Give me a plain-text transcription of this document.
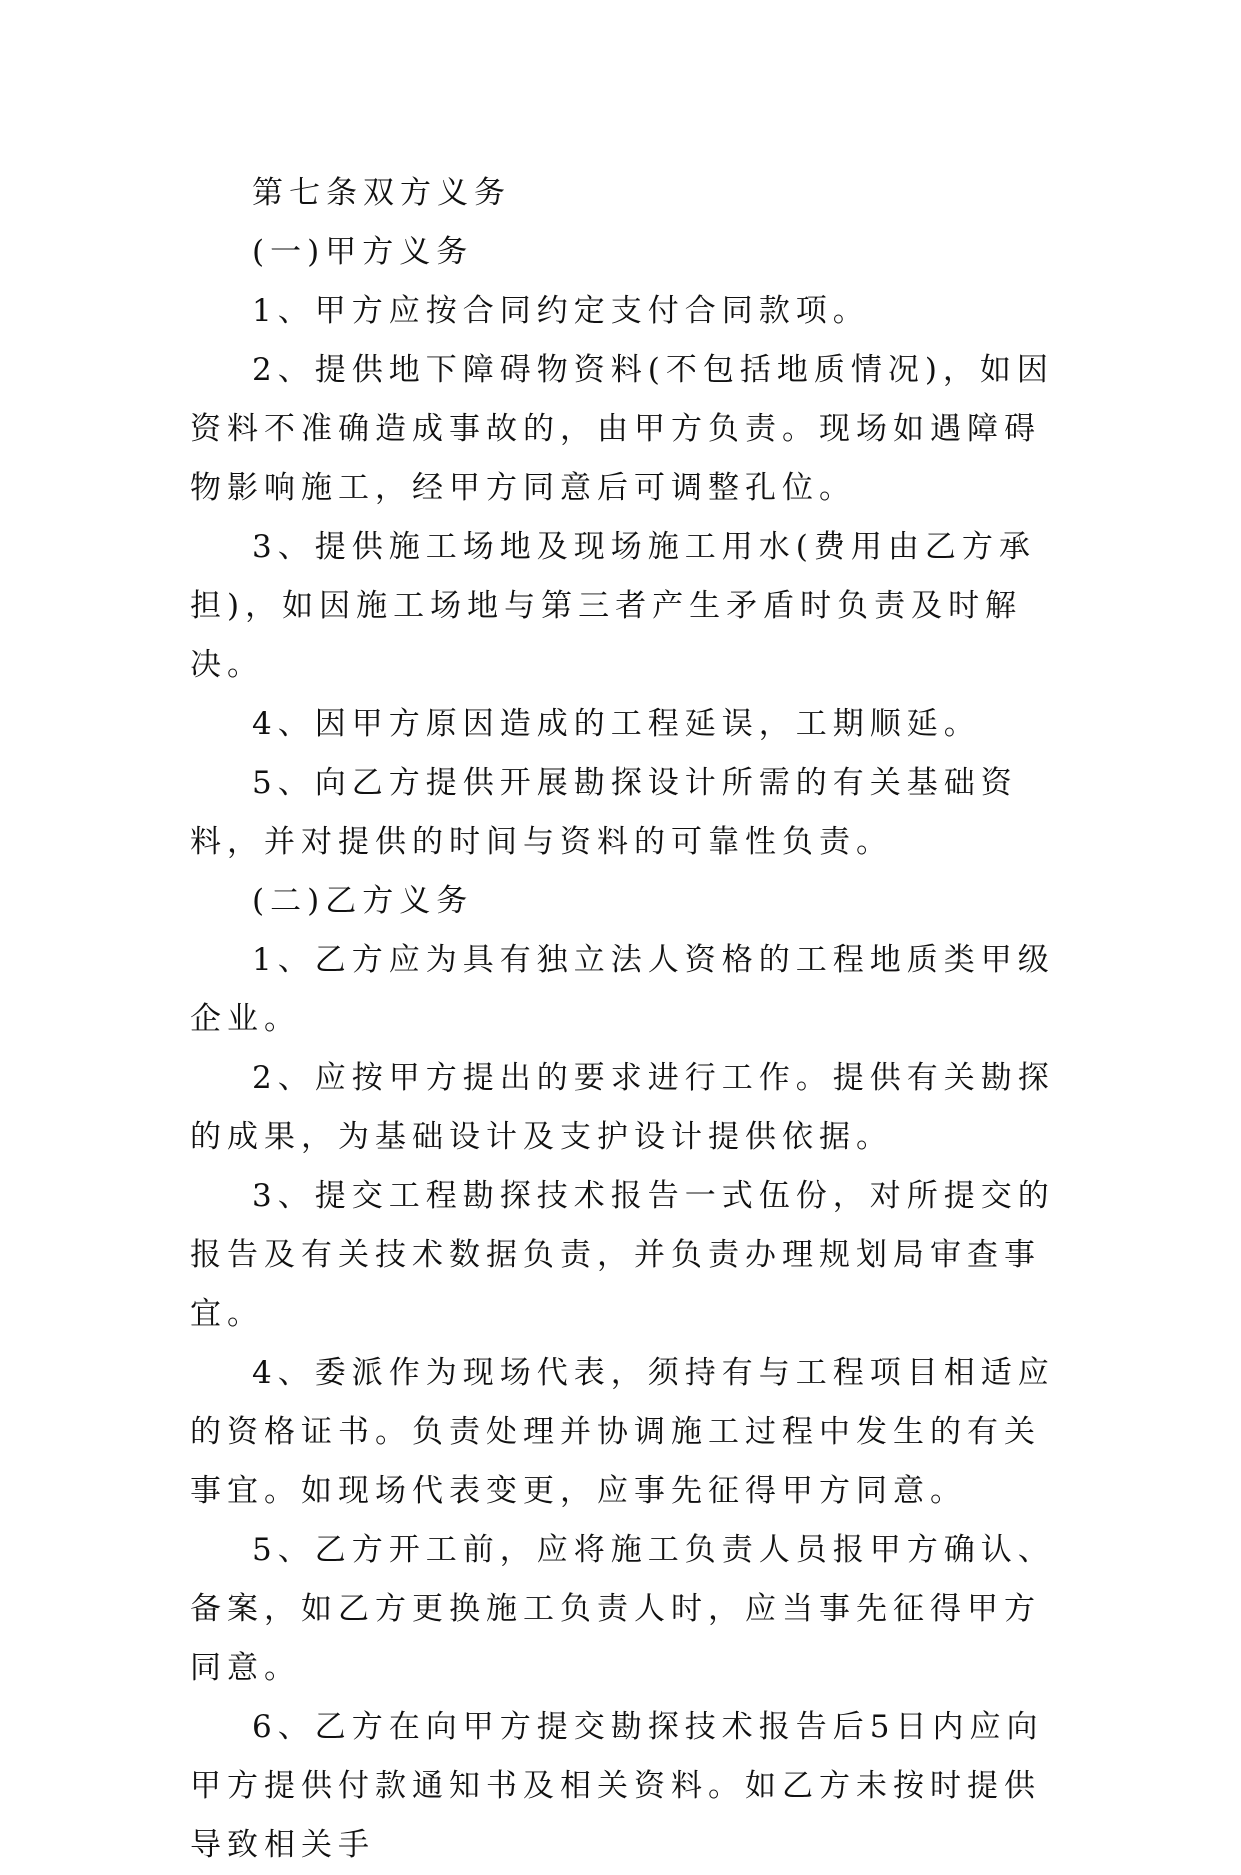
第七条双方义务

(一)甲方义务

1、甲方应按合同约定支付合同款项。

2、提供地下障碍物资料(不包括地质情况)，如因资料不准确造成事故的，由甲方负责。现场如遇障碍物影响施工，经甲方同意后可调整孔位。

3、提供施工场地及现场施工用水(费用由乙方承担)，如因施工场地与第三者产生矛盾时负责及时解决。

4、因甲方原因造成的工程延误，工期顺延。

5、向乙方提供开展勘探设计所需的有关基础资料，并对提供的时间与资料的可靠性负责。

(二)乙方义务

1、乙方应为具有独立法人资格的工程地质类甲级企业。

2、应按甲方提出的要求进行工作。提供有关勘探的成果，为基础设计及支护设计提供依据。

3、提交工程勘探技术报告一式伍份，对所提交的报告及有关技术数据负责，并负责办理规划局审查事宜。

4、委派作为现场代表，须持有与工程项目相适应的资格证书。负责处理并协调施工过程中发生的有关事宜。如现场代表变更，应事先征得甲方同意。

5、乙方开工前，应将施工负责人员报甲方确认、备案，如乙方更换施工负责人时，应当事先征得甲方同意。

6、乙方在向甲方提交勘探技术报告后5日内应向甲方提供付款通知书及相关资料。如乙方未按时提供导致相关手
